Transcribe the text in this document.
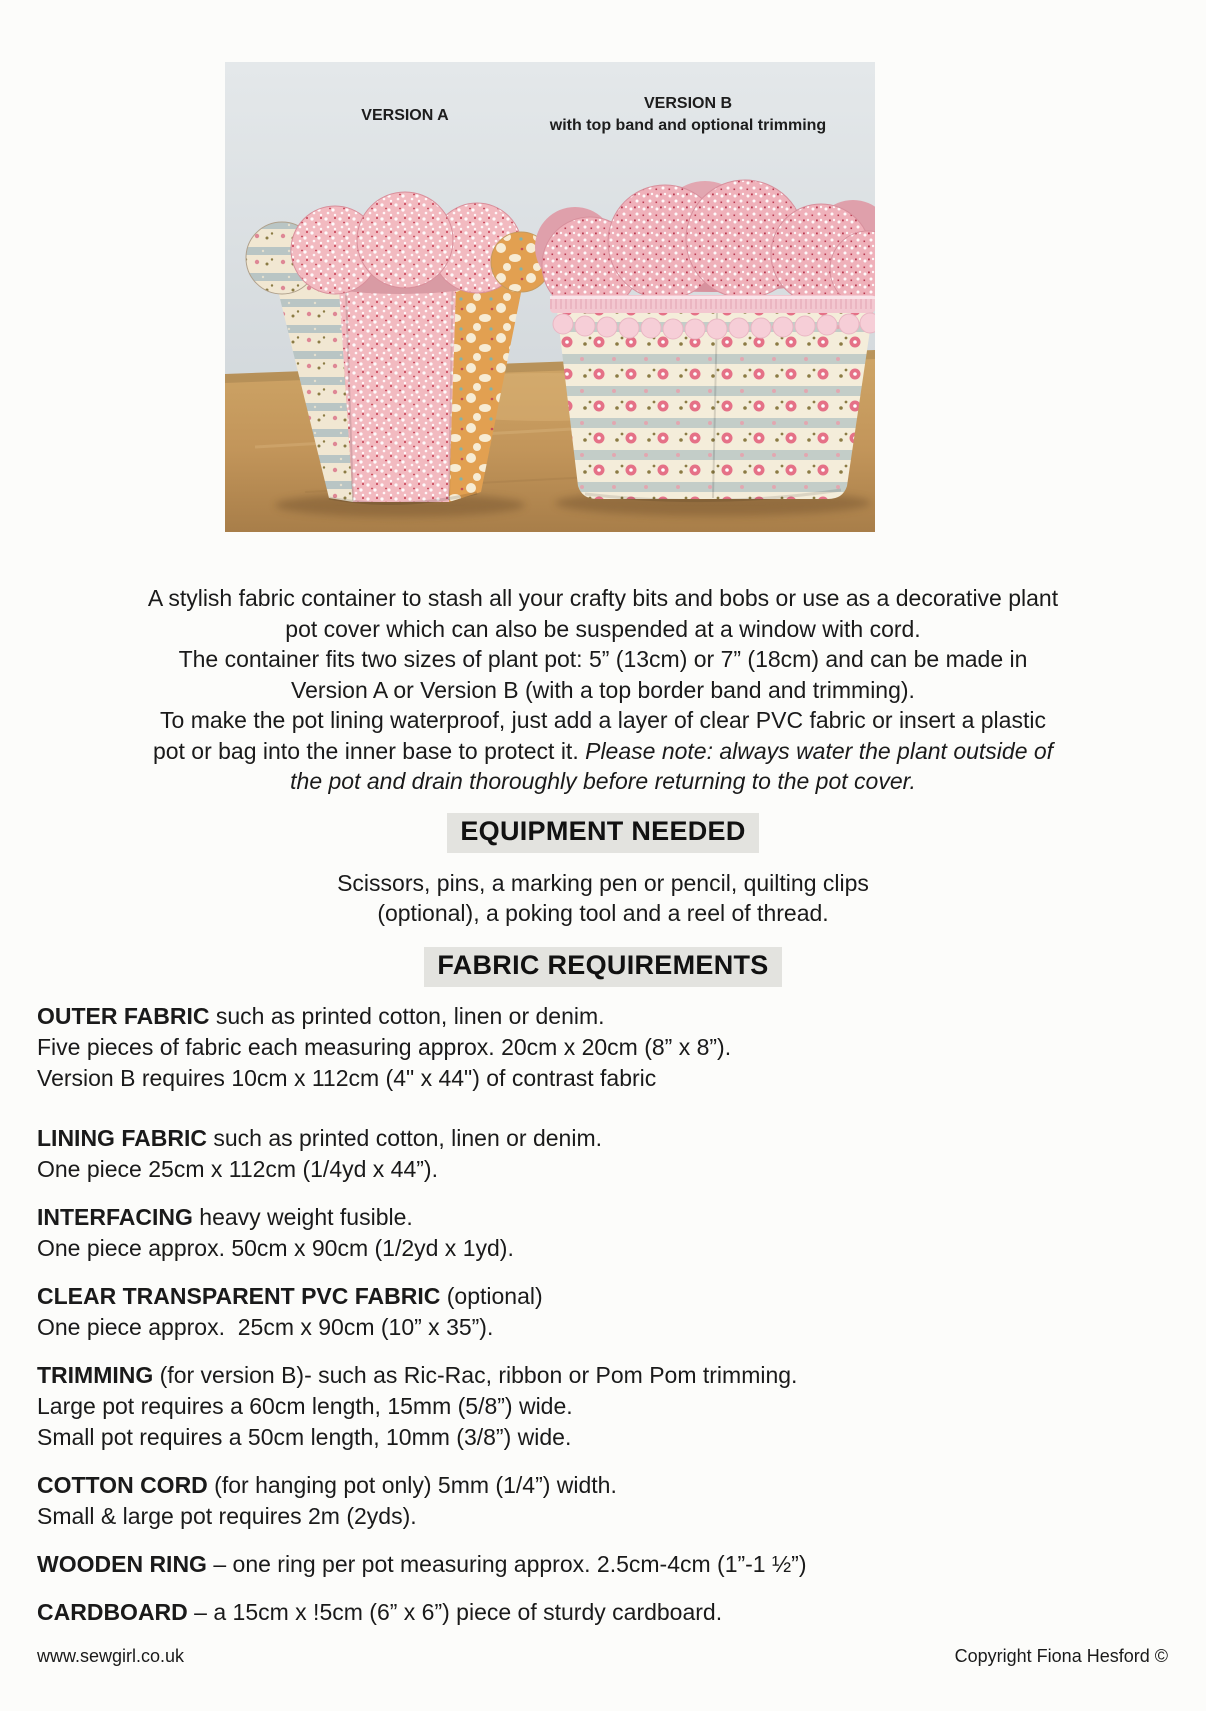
VERSION A
VERSION B
with top band and optional trimming
A stylish fabric container to stash all your crafty bits and bobs or use as a decorative plant
pot cover which can also be suspended at a window with cord.
The container fits two sizes of plant pot: 5” (13cm) or 7” (18cm) and can be made in
Version A or Version B (with a top border band and trimming).
To make the pot lining waterproof, just add a layer of clear PVC fabric or insert a plastic
pot or bag into the inner base to protect it. Please note: always water the plant outside of
the pot and drain thoroughly before returning to the pot cover.
EQUIPMENT NEEDED
Scissors, pins, a marking pen or pencil, quilting clips
(optional), a poking tool and a reel of thread.
FABRIC REQUIREMENTS
OUTER FABRIC such as printed cotton, linen or denim.
Five pieces of fabric each measuring approx. 20cm x 20cm (8” x 8”).
Version B requires 10cm x 112cm (4" x 44") of contrast fabric
LINING FABRIC such as printed cotton, linen or denim.
One piece 25cm x 112cm (1/4yd x 44”).
INTERFACING heavy weight fusible.
One piece approx. 50cm x 90cm (1/2yd x 1yd).
CLEAR TRANSPARENT PVC FABRIC (optional)
One piece approx.  25cm x 90cm (10” x 35”).
TRIMMING (for version B)- such as Ric-Rac, ribbon or Pom Pom trimming.
Large pot requires a 60cm length, 15mm (5/8”) wide.
Small pot requires a 50cm length, 10mm (3/8”) wide.
COTTON CORD (for hanging pot only) 5mm (1/4”) width.
Small & large pot requires 2m (2yds).
WOODEN RING – one ring per pot measuring approx. 2.5cm-4cm (1”-1 ½”)
CARDBOARD – a 15cm x !5cm (6” x 6”) piece of sturdy cardboard.
www.sewgirl.co.uk	Copyright Fiona Hesford ©
